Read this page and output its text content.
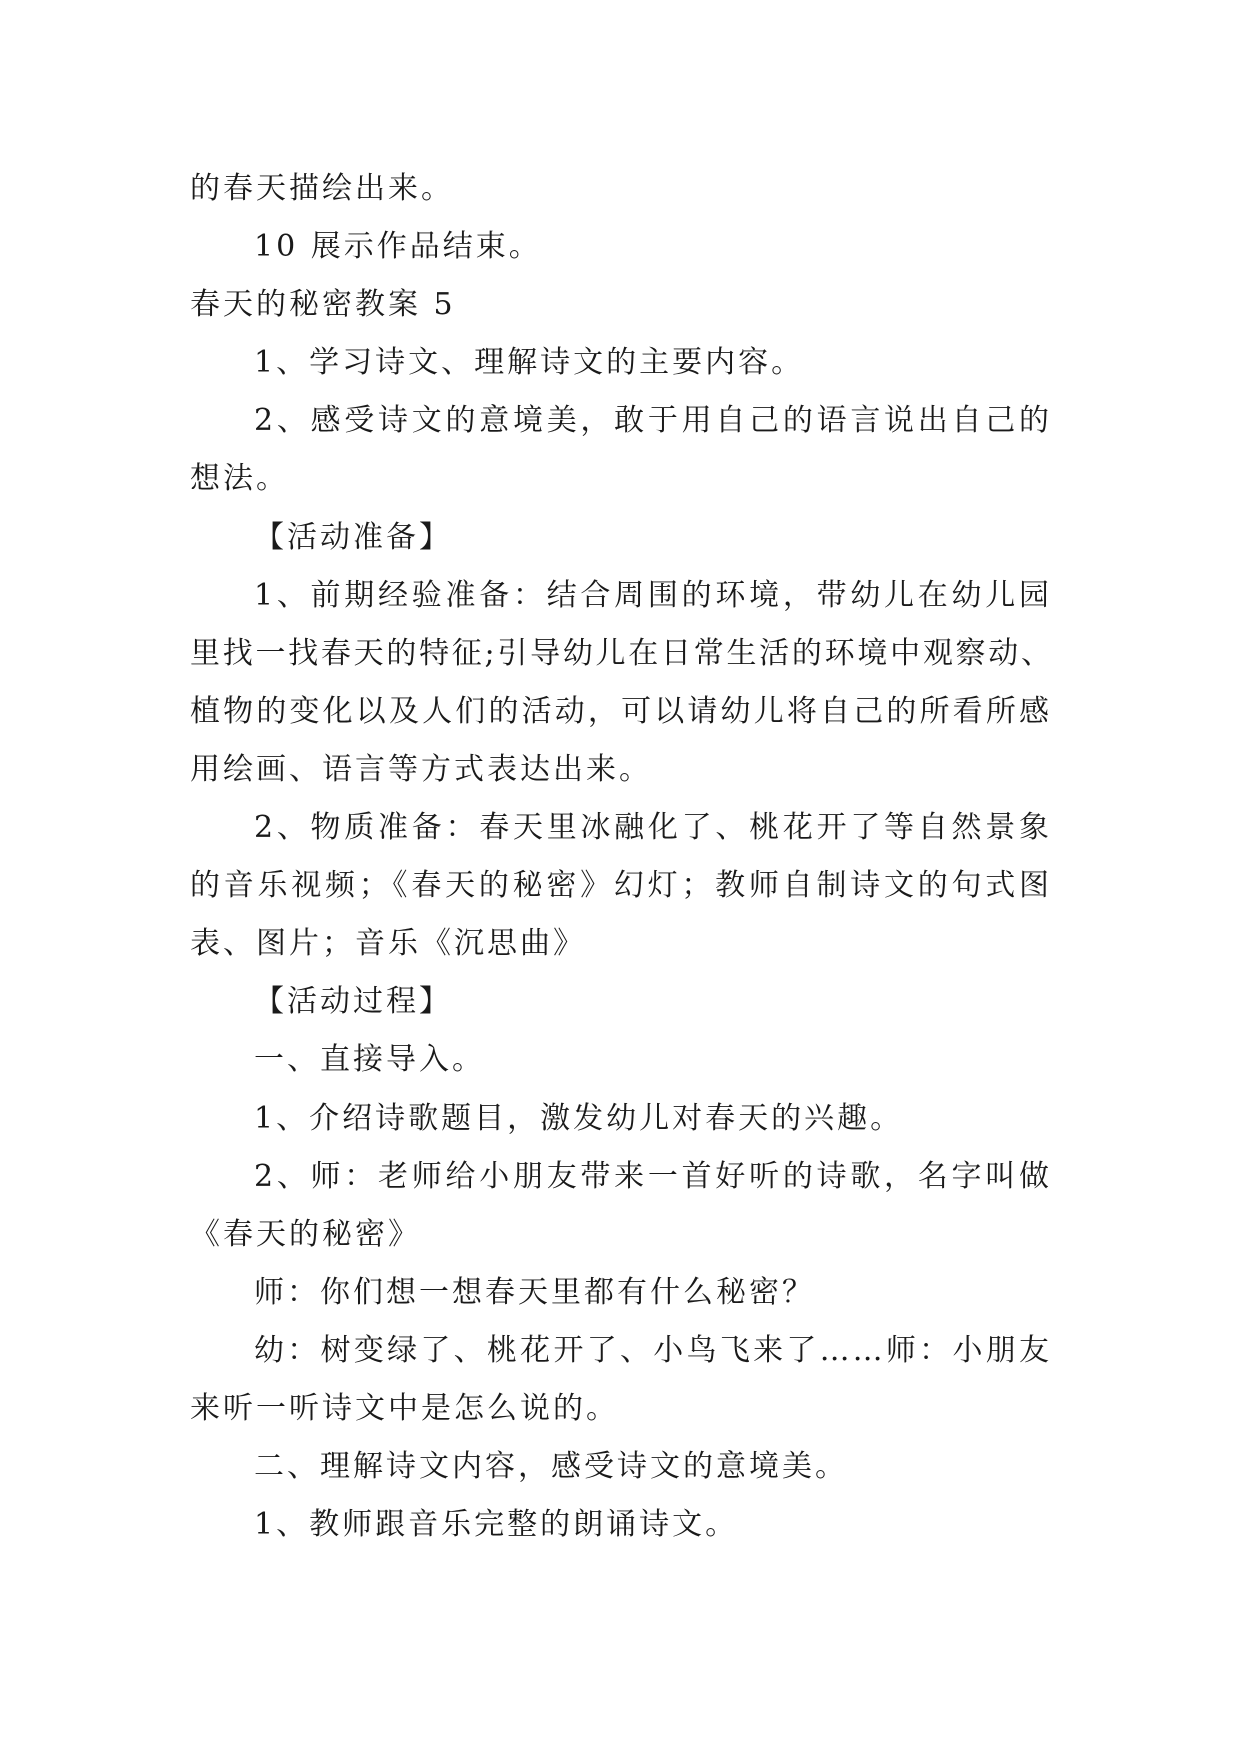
的春天描绘出来。
10 展示作品结束。
春天的秘密教案 5
1、学习诗文、理解诗文的主要内容。
2、感受诗文的意境美，敢于用自己的语言说出自己的
想法。
【活动准备】
1、前期经验准备：结合周围的环境，带幼儿在幼儿园
里找一找春天的特征;引导幼儿在日常生活的环境中观察动、
植物的变化以及人们的活动，可以请幼儿将自己的所看所感
用绘画、语言等方式表达出来。
2、物质准备：春天里冰融化了、桃花开了等自然景象
的音乐视频；《春天的秘密》幻灯；教师自制诗文的句式图
表、图片；音乐《沉思曲》
【活动过程】
一、直接导入。
1、介绍诗歌题目，激发幼儿对春天的兴趣。
2、师：老师给小朋友带来一首好听的诗歌，名字叫做
《春天的秘密》
师：你们想一想春天里都有什么秘密？
幼：树变绿了、桃花开了、小鸟飞来了……师：小朋友
来听一听诗文中是怎么说的。
二、理解诗文内容，感受诗文的意境美。
1、教师跟音乐完整的朗诵诗文。
